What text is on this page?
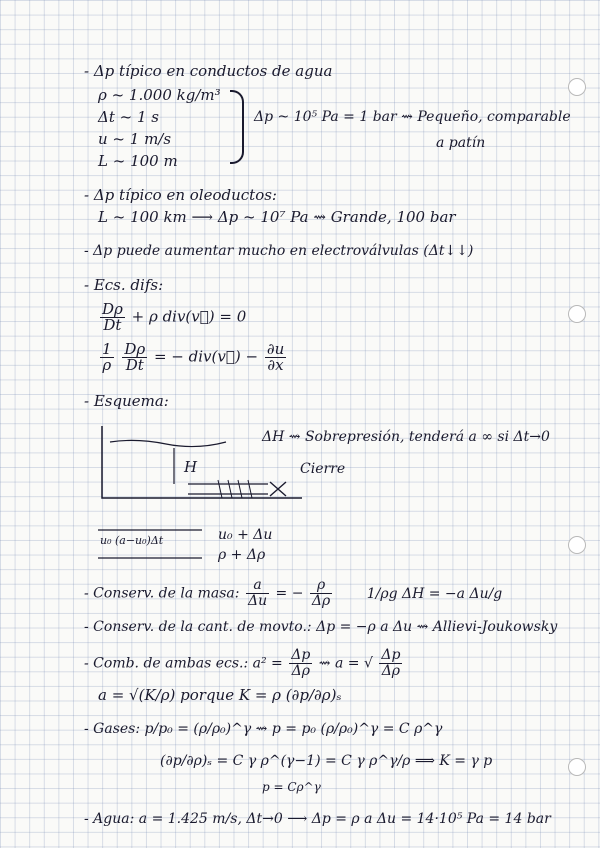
- Δp típico en conductos de agua
ρ ~ 1.000 kg/m³
Δt ~ 1 s
u ~ 1 m/s
L ~ 100 m
Δp ~ 10⁵ Pa = 1 bar ⇝ Pequeño, comparable
a patín
- Δp típico en oleoductos:
L ~ 100 km ⟶ Δp ~ 10⁷ Pa ⇝ Grande, 100 bar
- Δp puede aumentar mucho en electroválvulas (Δt↓↓)
- Ecs. difs:
$\frac{D\rho}{Dt} + \rho$ div(v⃗) = 0
$\frac{1}{\rho}$
$\frac{D\rho}{Dt}$ = − div(v⃗) − $\frac{\partial u}{\partial x}$
- Esquema:
H
ΔH ⇝ Sobrepresión, tenderá a ∞ si Δt→0
Cierre
u₀ (a−u₀)Δt	u₀ + Δu
ρ + Δρ
- Conserv. de la masa: $\frac{a}{\Delta u}$ = − $\frac{\rho}{\Delta\rho} 1/\rho g$ ΔH = −a Δu/g
- Conserv. de la cant. de movto.: Δp = −ρ a Δu ⇝ Allievi-Joukowsky
- Comb. de ambas ecs.: $a^2 = \frac{\Delta p}{\Delta\rho}$ ⇝ a = √ $\frac{\Delta p}{\Delta\rho}$
a = √(K/ρ) porque K = ρ (∂p/∂ρ)ₛ
- Gases: p/p₀ = (ρ/ρ₀)^γ ⇝ p = p₀ (ρ/ρ₀)^γ = C ρ^γ
(∂p/∂ρ)ₛ = C γ ρ^(γ−1) = C γ ρ^γ/ρ ⟹ K = γ p
p = Cρ^γ
- Agua: a = 1.425 m/s, Δt→0 ⟶ Δp = ρ a Δu = 14·10⁵ Pa = 14 bar
